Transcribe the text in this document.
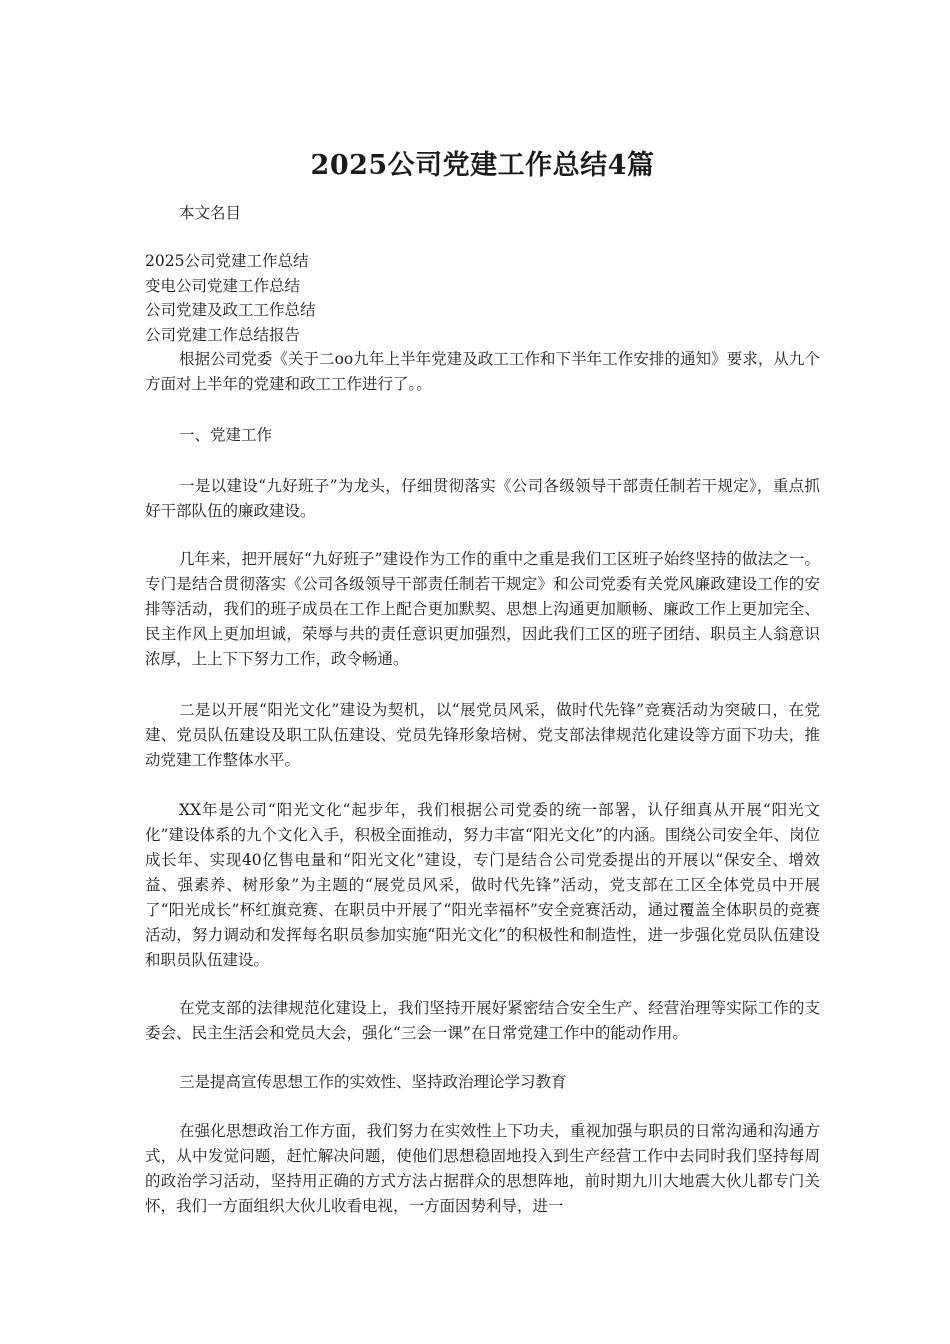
2025公司党建工作总结4篇

本文名目

2025公司党建工作总结
变电公司党建工作总结
公司党建及政工工作总结
公司党建工作总结报告

根据公司党委《关于二oo九年上半年党建及政工工作和下半年工作安排的通知》要求，从九个方面对上半年的党建和政工工作进行了。。

一、党建工作

一是以建设“九好班子”为龙头，仔细贯彻落实《公司各级领导干部责任制若干规定》，重点抓好干部队伍的廉政建设。

几年来，把开展好“九好班子”建设作为工作的重中之重是我们工区班子始终坚持的做法之一。专门是结合贯彻落实《公司各级领导干部责任制若干规定》和公司党委有关党风廉政建设工作的安排等活动，我们的班子成员在工作上配合更加默契、思想上沟通更加顺畅、廉政工作上更加完全、民主作风上更加坦诚，荣辱与共的责任意识更加强烈，因此我们工区的班子团结、职员主人翁意识浓厚，上上下下努力工作，政令畅通。

二是以开展“阳光文化”建设为契机，以“展党员风采，做时代先锋”竞赛活动为突破口，在党建、党员队伍建设及职工队伍建设、党员先锋形象培树、党支部法律规范化建设等方面下功夫，推动党建工作整体水平。

XX年是公司“阳光文化“起步年，我们根据公司党委的统一部署，认仔细真从开展“阳光文化”建设体系的九个文化入手，积极全面推动，努力丰富“阳光文化”的内涵。围绕公司安全年、岗位成长年、实现40亿售电量和“阳光文化”建设，专门是结合公司党委提出的开展以“保安全、增效益、强素养、树形象”为主题的“展党员风采，做时代先锋”活动，党支部在工区全体党员中开展了“阳光成长”杯红旗竞赛、在职员中开展了“阳光幸福杯”安全竞赛活动，通过覆盖全体职员的竞赛活动，努力调动和发挥每名职员参加实施“阳光文化”的积极性和制造性，进一步强化党员队伍建设和职员队伍建设。

在党支部的法律规范化建设上，我们坚持开展好紧密结合安全生产、经营治理等实际工作的支委会、民主生活会和党员大会，强化“三会一课”在日常党建工作中的能动作用。

三是提高宣传思想工作的实效性、坚持政治理论学习教育

在强化思想政治工作方面，我们努力在实效性上下功夫，重视加强与职员的日常沟通和沟通方式，从中发觉问题，赶忙解决问题，使他们思想稳固地投入到生产经营工作中去同时我们坚持每周的政治学习活动，坚持用正确的方式方法占据群众的思想阵地，前时期九川大地震大伙儿都专门关怀，我们一方面组织大伙儿收看电视，一方面因势利导，进一
